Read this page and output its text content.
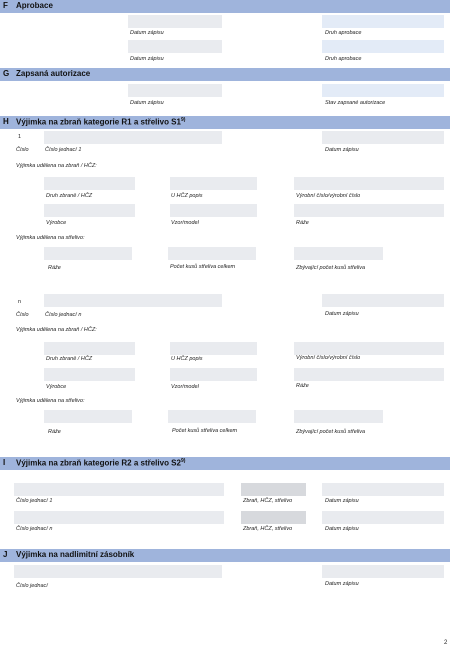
F Aprobace
Datum zápisu	Druh aprobace
Datum zápisu	Druh aprobace
G Zapsaná autorizace
Datum zápisu	Stav zapsané autorizace
H Výjimka na zbraň kategorie R1 a střelivo S1$^{9)}$
1
Číslo	Číslo jednací 1	Datum zápisu
Výjimka udělena na zbraň / HČZ:
Druh zbraně / HČZ	U HČZ popis	Výrobní číslo/výrobní číslo
Výrobce	Vzor/model	Ráže
Výjimka udělena na střelivo:
Ráže	Počet kusů střeliva celkem	Zbývající počet kusů střeliva
n
Číslo	Číslo jednací n	Datum zápisu
Výjimka udělena na zbraň / HČZ:
Druh zbraně / HČZ	U HČZ popis	Výrobní číslo/výrobní číslo
Výrobce	Vzor/model	Ráže
Výjimka udělena na střelivo:
Ráže	Počet kusů střeliva celkem	Zbývající počet kusů střeliva
I Výjimka na zbraň kategorie R2 a střelivo S2$^{9)}$
Číslo jednací 1	Zbraň, HČZ, střelivo	Datum zápisu
Číslo jednací n	Zbraň, HČZ, střelivo	Datum zápisu
J Výjimka na nadlimitní zásobník
Číslo jednací	Datum zápisu
2
